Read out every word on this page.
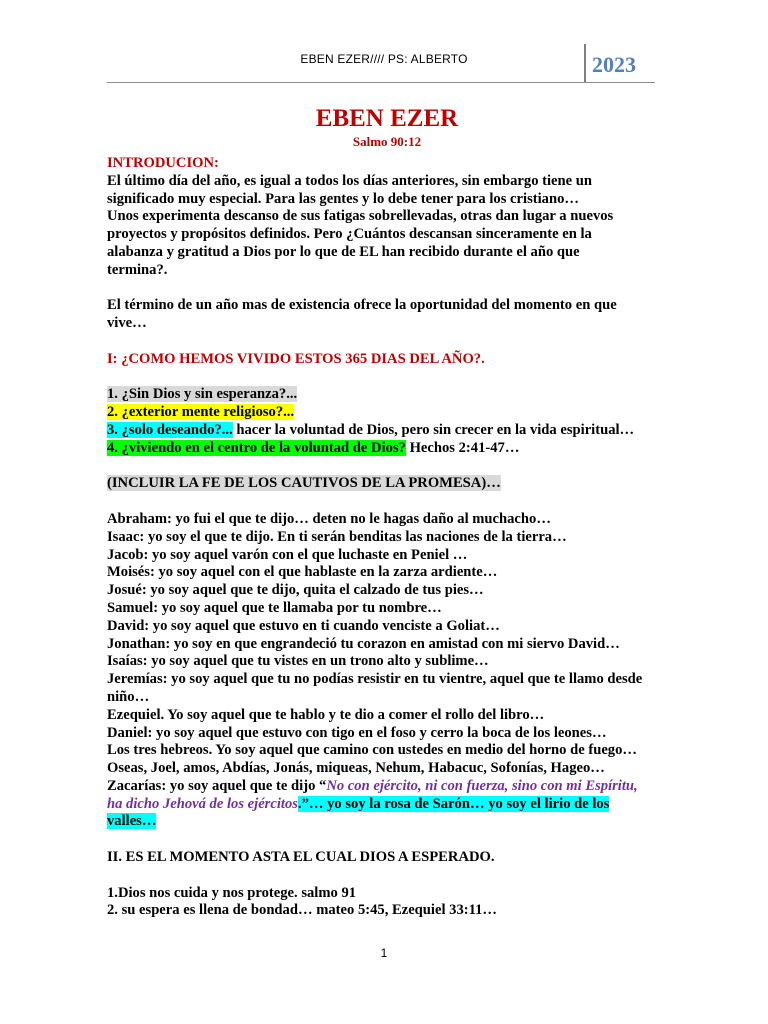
EBEN EZER//// PS: ALBERTO	2023
EBEN EZER
Salmo 90:12
INTRODUCION:
El último día del año, es igual a todos los días anteriores, sin embargo tiene un
significado muy especial. Para las gentes y lo debe tener para los cristiano…
Unos experimenta descanso de sus fatigas sobrellevadas, otras dan lugar a nuevos
proyectos y propósitos definidos. Pero ¿Cuántos descansan sinceramente en la
alabanza y gratitud a Dios por lo que de EL han recibido durante el año que
termina?.
El término de un año mas de existencia ofrece la oportunidad del momento en que
vive…
I: ¿COMO HEMOS VIVIDO ESTOS 365 DIAS DEL AÑO?.
1. ¿Sin Dios y sin esperanza?...
2. ¿exterior mente religioso?...
3. ¿solo deseando?... hacer la voluntad de Dios, pero sin crecer en la vida espiritual…
4. ¿viviendo en el centro de la voluntad de Dios? Hechos 2:41-47…
(INCLUIR LA FE DE LOS CAUTIVOS DE LA PROMESA)…
Abraham: yo fui el que te dijo… deten no le hagas daño al muchacho…
Isaac: yo soy el que te dijo. En ti serán benditas las naciones de la tierra…
Jacob: yo soy aquel varón con el que luchaste en Peniel …
Moisés: yo soy aquel con el que hablaste en la zarza ardiente…
Josué: yo soy aquel que te dijo, quita el calzado de tus pies…
Samuel: yo soy aquel que te llamaba por tu nombre…
David: yo soy aquel que estuvo en ti cuando venciste a Goliat…
Jonathan: yo soy en que engrandeció tu corazon en amistad con mi siervo David…
Isaías: yo soy aquel que tu vistes en un trono alto y sublime…
Jeremías: yo soy aquel que tu no podías resistir en tu vientre, aquel que te llamo desde
niño…
Ezequiel. Yo soy aquel que te hablo y te dio a comer el rollo del libro…
Daniel: yo soy aquel que estuvo con tigo en el foso y cerro la boca de los leones…
Los tres hebreos. Yo soy aquel que camino con ustedes en medio del horno de fuego…
Oseas, Joel, amos, Abdías, Jonás, miqueas, Nehum, Habacuc, Sofonías, Hageo…
Zacarías: yo soy aquel que te dijo “No con ejército, ni con fuerza, sino con mi Espíritu,
ha dicho Jehová de los ejércitos.”… yo soy la rosa de Sarón… yo soy el lirio de los
valles…
II. ES EL MOMENTO ASTA EL CUAL DIOS A ESPERADO.
1.Dios nos cuida y nos protege. salmo 91
2. su espera es llena de bondad… mateo 5:45, Ezequiel 33:11…
1
